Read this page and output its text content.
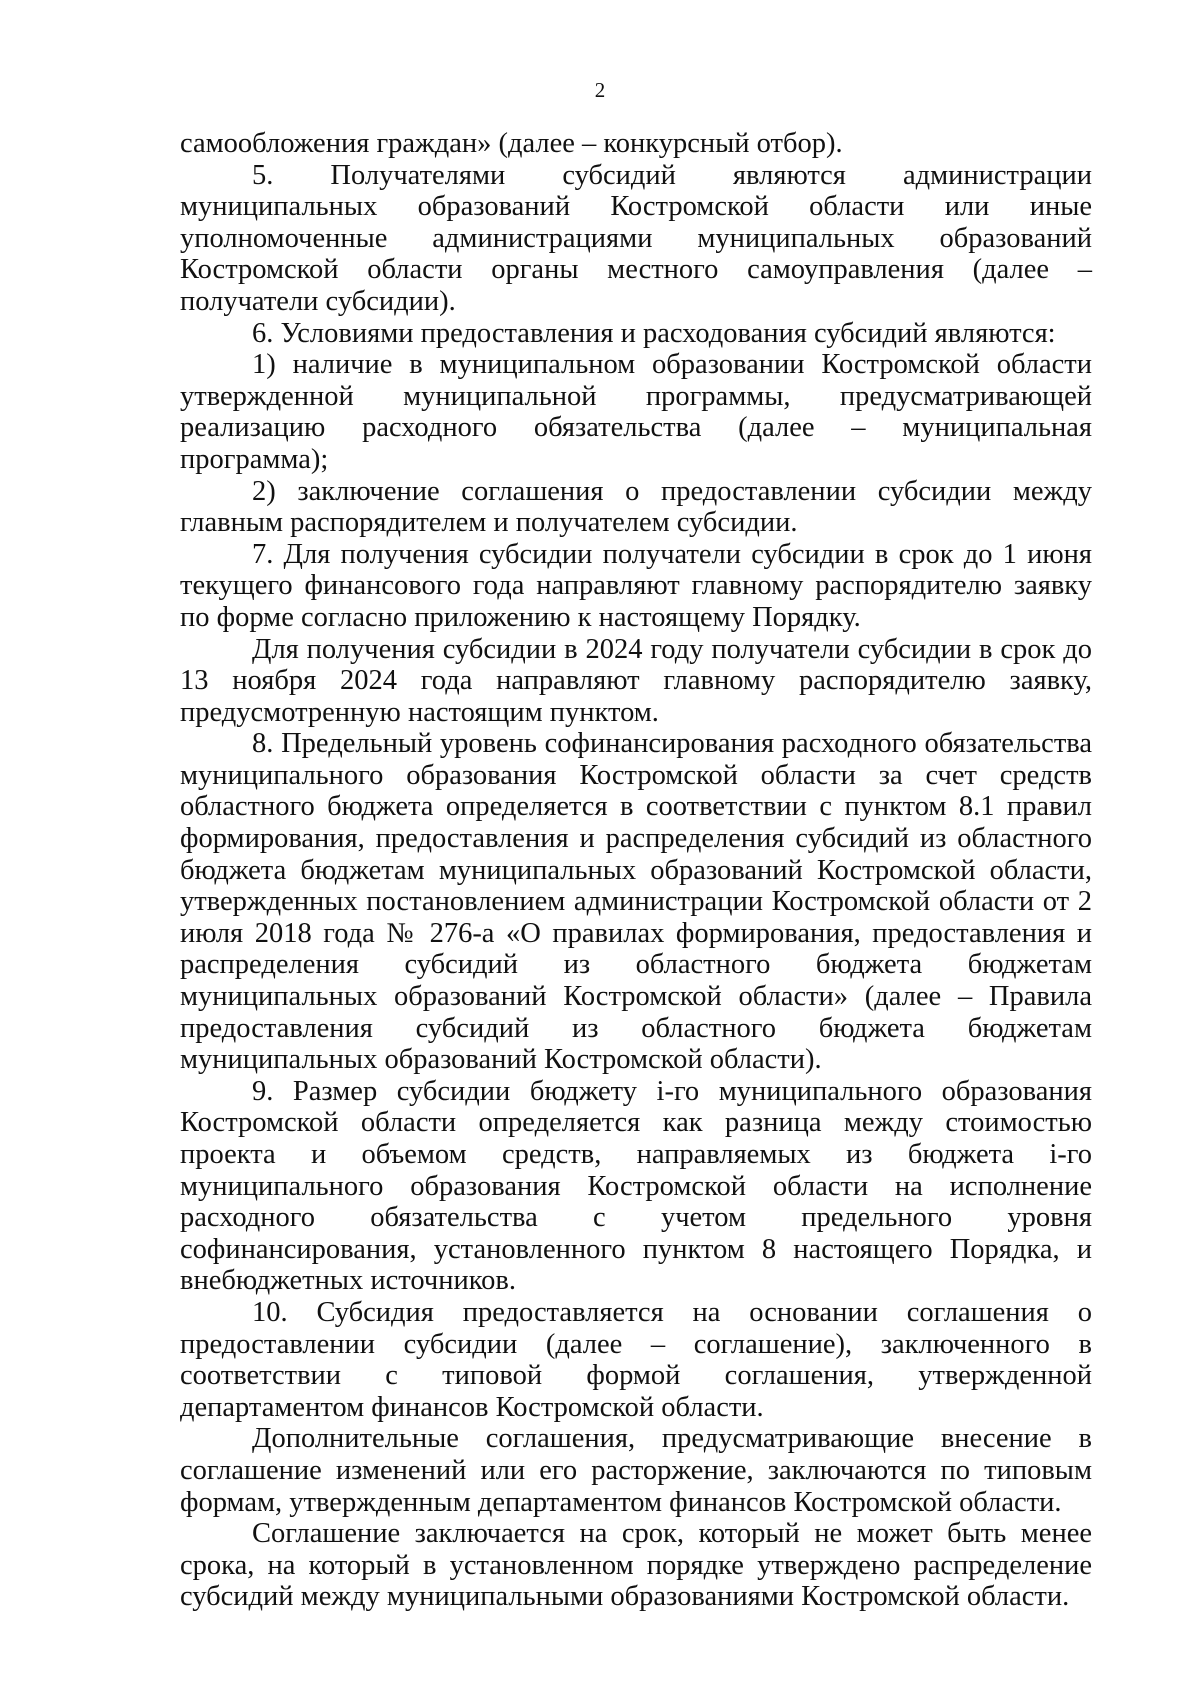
2

самообложения граждан» (далее – конкурсный отбор).

5. Получателями субсидий являются администрации муниципальных образований Костромской области или иные уполномоченные администрациями муниципальных образований Костромской области органы местного самоуправления (далее – получатели субсидии).

6. Условиями предоставления и расходования субсидий являются:

1) наличие в муниципальном образовании Костромской области утвержденной муниципальной программы, предусматривающей реализацию расходного обязательства (далее – муниципальная программа);

2) заключение соглашения о предоставлении субсидии между главным распорядителем и получателем субсидии.

7. Для получения субсидии получатели субсидии в срок до 1 июня текущего финансового года направляют главному распорядителю заявку по форме согласно приложению к настоящему Порядку.

Для получения субсидии в 2024 году получатели субсидии в срок до 13 ноября 2024 года направляют главному распорядителю заявку, предусмотренную настоящим пунктом.

8. Предельный уровень софинансирования расходного обязательства муниципального образования Костромской области за счет средств областного бюджета определяется в соответствии с пунктом 8.1 правил формирования, предоставления и распределения субсидий из областного бюджета бюджетам муниципальных образований Костромской области, утвержденных постановлением администрации Костромской области от 2 июля 2018 года № 276-а «О правилах формирования, предоставления и распределения субсидий из областного бюджета бюджетам муниципальных образований Костромской области» (далее – Правила предоставления субсидий из областного бюджета бюджетам муниципальных образований Костромской области).

9. Размер субсидии бюджету i-го муниципального образования Костромской области определяется как разница между стоимостью проекта и объемом средств, направляемых из бюджета i-го муниципального образования Костромской области на исполнение расходного обязательства с учетом предельного уровня софинансирования, установленного пунктом 8 настоящего Порядка, и внебюджетных источников.

10. Субсидия предоставляется на основании соглашения о предоставлении субсидии (далее – соглашение), заключенного в соответствии с типовой формой соглашения, утвержденной департаментом финансов Костромской области.

Дополнительные соглашения, предусматривающие внесение в соглашение изменений или его расторжение, заключаются по типовым формам, утвержденным департаментом финансов Костромской области.

Соглашение заключается на срок, который не может быть менее срока, на который в установленном порядке утверждено распределение субсидий между муниципальными образованиями Костромской области.
